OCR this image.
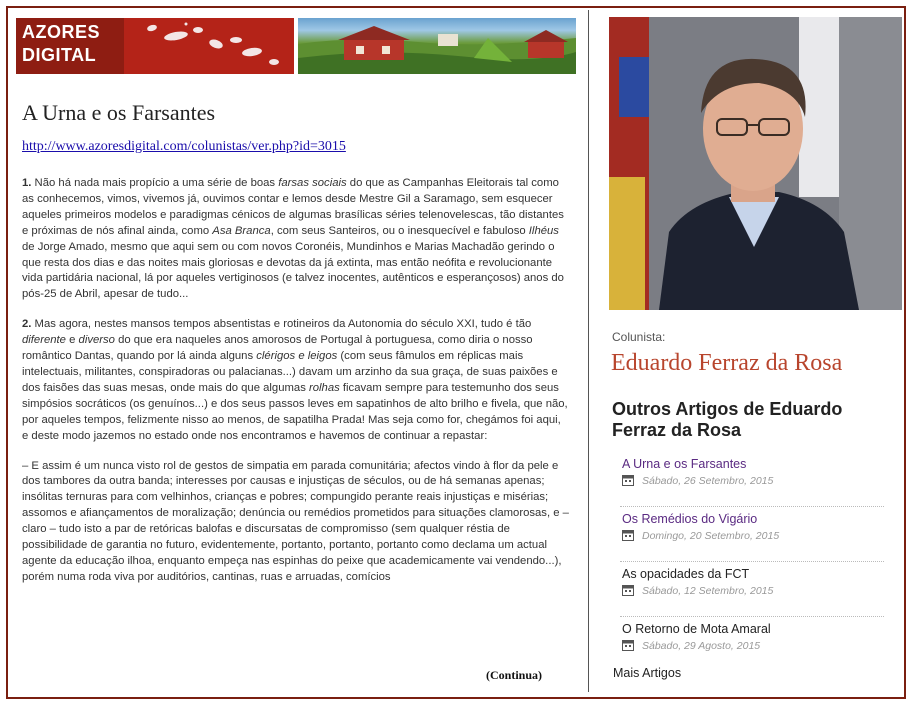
AZORES
DIGITAL
A Urna e os Farsantes
http://www.azoresdigital.com/colunistas/ver.php?id=3015

1. Não há nada mais propício a uma série de boas farsas sociais do que as Campanhas Eleitorais tal como as conhecemos, vimos, vivemos já, ouvimos contar e lemos desde Mestre Gil a Saramago, sem esquecer aqueles primeiros modelos e paradigmas cénicos de algumas brasílicas séries telenovelescas, tão distantes e próximas de nós afinal ainda, como Asa Branca, com seus Santeiros, ou o inesquecível e fabuloso Ilhéus de Jorge Amado, mesmo que aqui sem ou com novos Coronéis, Mundinhos e Marias Machadão gerindo o que resta dos dias e das noites mais gloriosas e devotas da já extinta, mas então neófita e revolucionante vida partidária nacional, lá por aqueles vertiginosos (e talvez inocentes, autênticos e esperançosos) anos do pós-25 de Abril, apesar de tudo...

2. Mas agora, nestes mansos tempos absentistas e rotineiros da Autonomia do século XXI, tudo é tão diferente e diverso do que era naqueles anos amorosos de Portugal à portuguesa, como diria o nosso romântico Dantas, quando por lá ainda alguns clérigos e leigos (com seus fâmulos em réplicas mais intelectuais, militantes, conspiradoras ou palacianas...) davam um arzinho da sua graça, de suas paixões e dos faisões das suas mesas, onde mais do que algumas rolhas ficavam sempre para testemunho dos seus simpósios socráticos (os genuínos...) e dos seus passos leves em sapatinhos de alto brilho e fivela, que não, por aqueles tempos, felizmente nisso ao menos, de sapatilha Prada! Mas seja como for, chegámos foi aqui, e deste modo jazemos no estado onde nos encontramos e havemos de continuar a repastar:

– E assim é um nunca visto rol de gestos de simpatia em parada comunitária; afectos vindo à flor da pele e dos tambores da outra banda; interesses por causas e injustiças de séculos, ou de há semanas apenas; insólitas ternuras para com velhinhos, crianças e pobres; compungido perante reais injustiças e misérias; assomos e afiançamentos de moralização; denúncia ou remédios prometidos para situações clamorosas, e – claro – tudo isto a par de retóricas balofas e discursatas de compromisso (sem qualquer réstia de possibilidade de garantia no futuro, evidentemente, portanto, portanto, portanto como declama um actual agente da educação ilhoa, enquanto empeça nas espinhas do peixe que academicamente vai vendendo...), porém numa roda viva por auditórios, cantinas, ruas e arruadas, comícios

(Continua)
Colunista:
Eduardo Ferraz da Rosa
Outros Artigos de Eduardo Ferraz da Rosa
A Urna e os Farsantes
Sábado, 26 Setembro, 2015
Os Remédios do Vigário
Domingo, 20 Setembro, 2015
As opacidades da FCT
Sábado, 12 Setembro, 2015
O Retorno de Mota Amaral
Sábado, 29 Agosto, 2015
Mais Artigos
